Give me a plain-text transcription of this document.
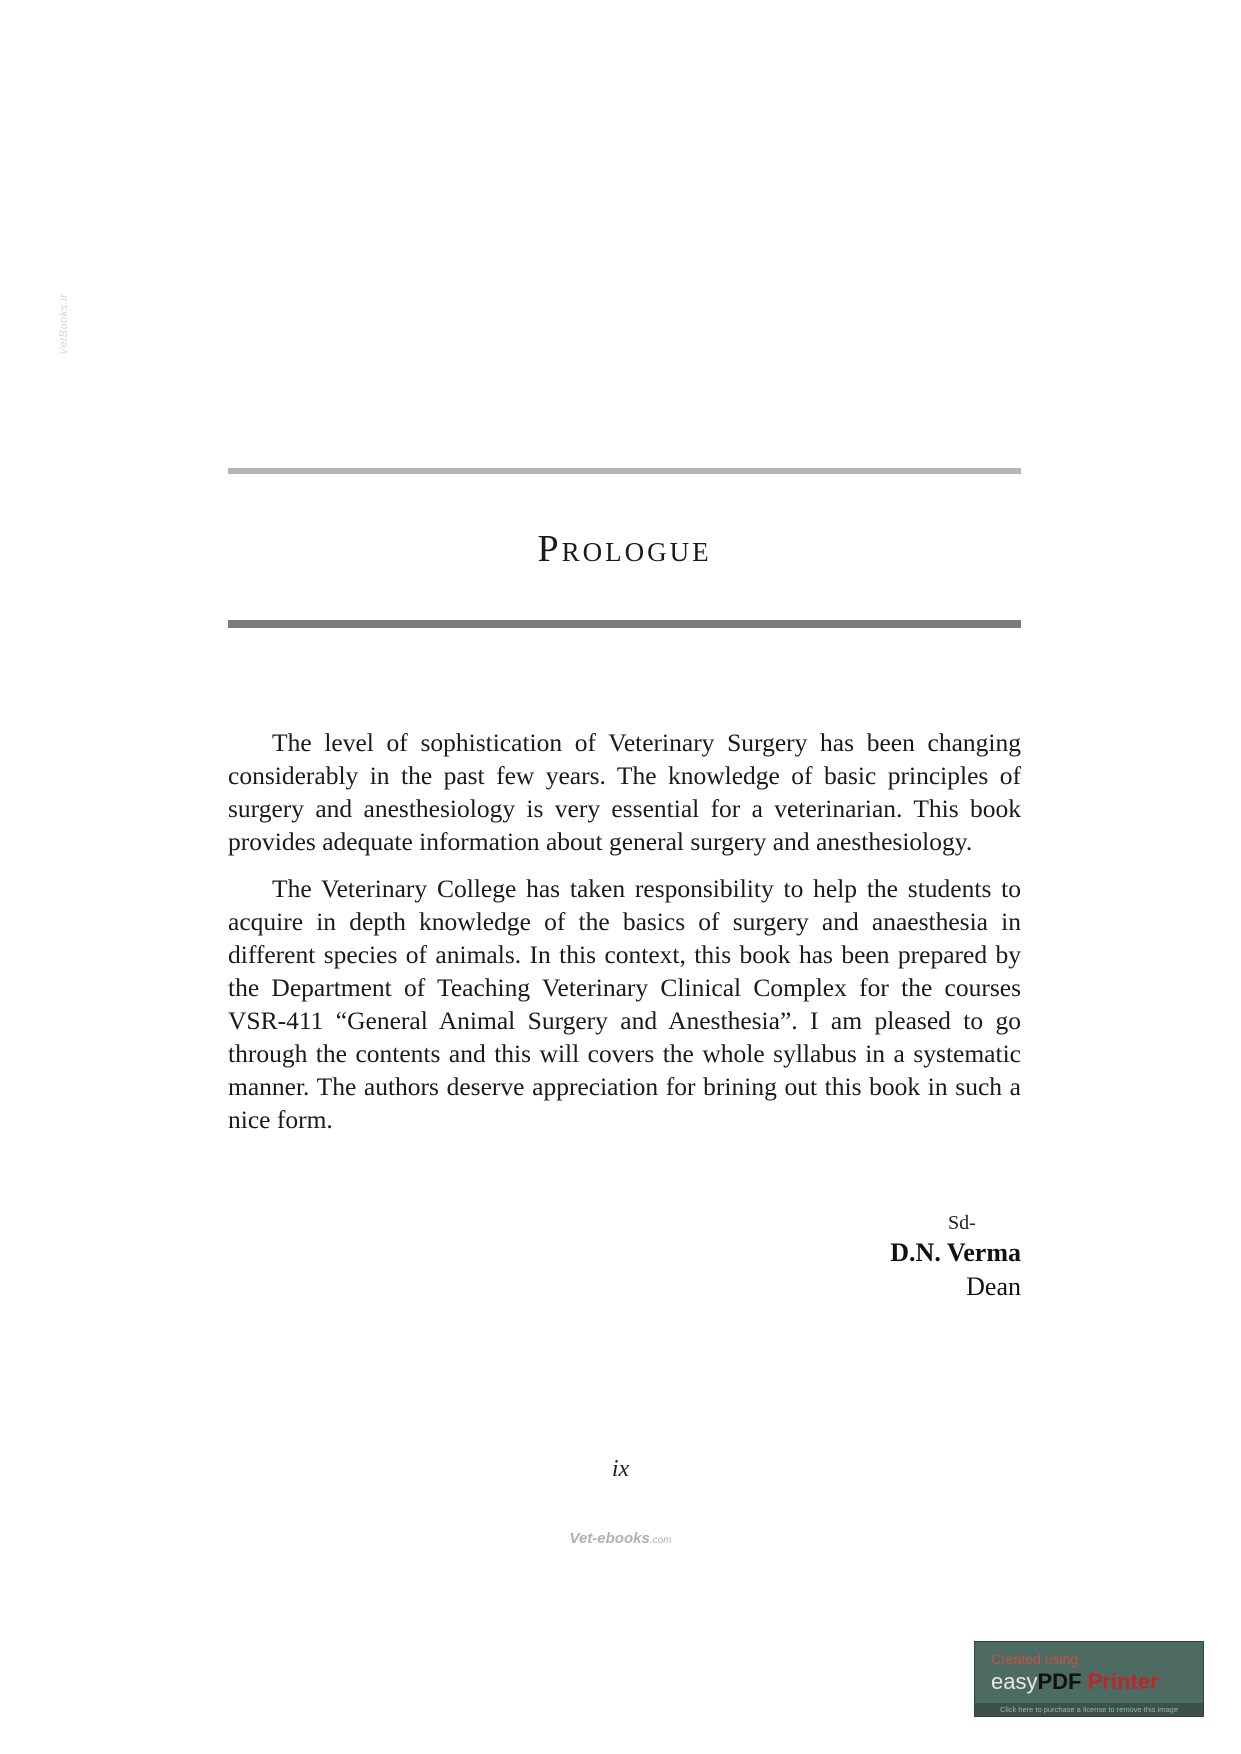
VetBooks.ir
Prologue

The level of sophistication of Veterinary Surgery has been changing considerably in the past few years. The knowledge of basic principles of surgery and anesthesiology is very essential for a veterinarian. This book provides adequate information about general surgery and anesthesiology.

The Veterinary College has taken responsibility to help the students to acquire in depth knowledge of the basics of surgery and anaesthesia in different species of animals. In this context, this book has been prepared by the Department of Teaching Veterinary Clinical Complex for the courses VSR-411 “General Animal Surgery and Anesthesia”. I am pleased to go through the contents and this will covers the whole syllabus in a systematic manner. The authors deserve appreciation for brining out this book in such a nice form.

Sd-
D.N. Verma
Dean
ix
Vet-ebooks.com
Created using
easyPDF Printer
Click here to purchase a license to remove this image
